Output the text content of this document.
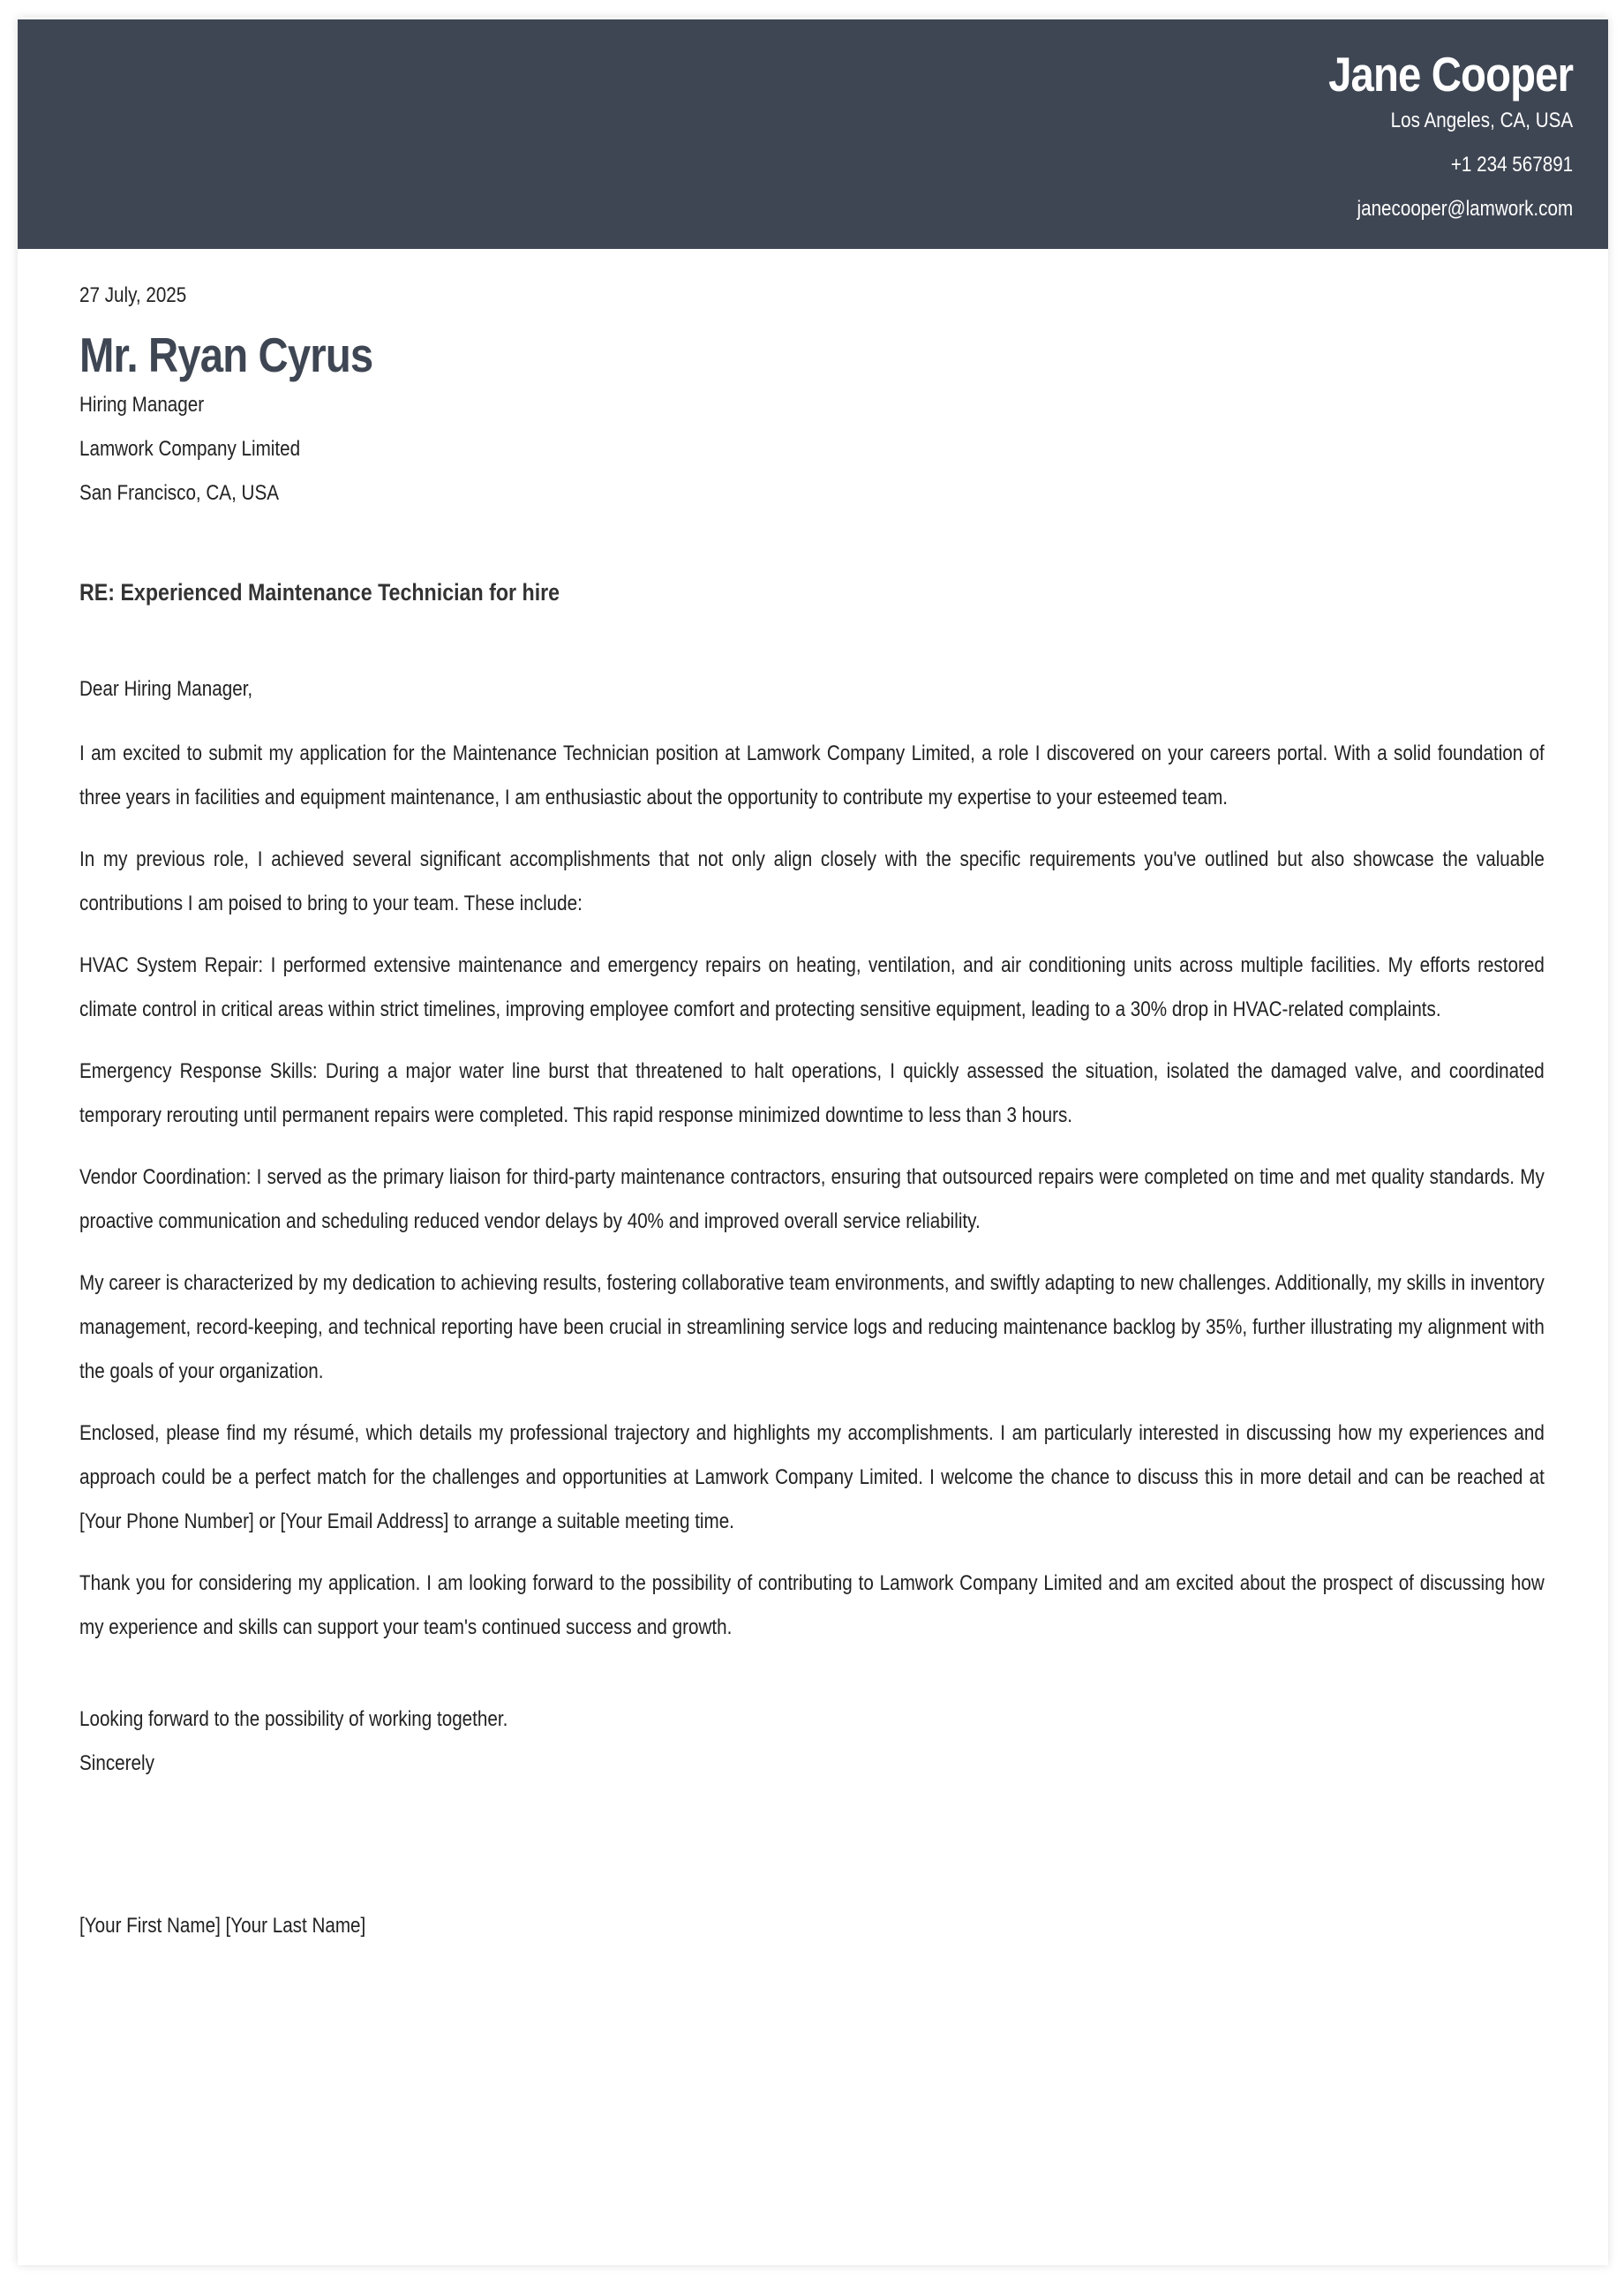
Jane Cooper
Los Angeles, CA, USA
+1 234 567891
janecooper@lamwork.com
27 July, 2025
Mr. Ryan Cyrus
Hiring Manager
Lamwork Company Limited
San Francisco, CA, USA
RE: Experienced Maintenance Technician for hire
Dear Hiring Manager,
I am excited to submit my application for the Maintenance Technician position at Lamwork Company Limited, a role I discovered on your careers portal. With a solid foundation of three years in facilities and equipment maintenance, I am enthusiastic about the opportunity to contribute my expertise to your esteemed team.
In my previous role, I achieved several significant accomplishments that not only align closely with the specific requirements you've outlined but also showcase the valuable contributions I am poised to bring to your team. These include:
HVAC System Repair: I performed extensive maintenance and emergency repairs on heating, ventilation, and air conditioning units across multiple facilities. My efforts restored climate control in critical areas within strict timelines, improving employee comfort and protecting sensitive equipment, leading to a 30% drop in HVAC-related complaints.
Emergency Response Skills: During a major water line burst that threatened to halt operations, I quickly assessed the situation, isolated the damaged valve, and coordinated temporary rerouting until permanent repairs were completed. This rapid response minimized downtime to less than 3 hours.
Vendor Coordination: I served as the primary liaison for third-party maintenance contractors, ensuring that outsourced repairs were completed on time and met quality standards. My proactive communication and scheduling reduced vendor delays by 40% and improved overall service reliability.
My career is characterized by my dedication to achieving results, fostering collaborative team environments, and swiftly adapting to new challenges. Additionally, my skills in inventory management, record-keeping, and technical reporting have been crucial in streamlining service logs and reducing maintenance backlog by 35%, further illustrating my alignment with the goals of your organization.
Enclosed, please find my résumé, which details my professional trajectory and highlights my accomplishments. I am particularly interested in discussing how my experiences and approach could be a perfect match for the challenges and opportunities at Lamwork Company Limited. I welcome the chance to discuss this in more detail and can be reached at [Your Phone Number] or [Your Email Address] to arrange a suitable meeting time.
Thank you for considering my application. I am looking forward to the possibility of contributing to Lamwork Company Limited and am excited about the prospect of discussing how my experience and skills can support your team's continued success and growth.
Looking forward to the possibility of working together.
Sincerely
[Your First Name] [Your Last Name]
